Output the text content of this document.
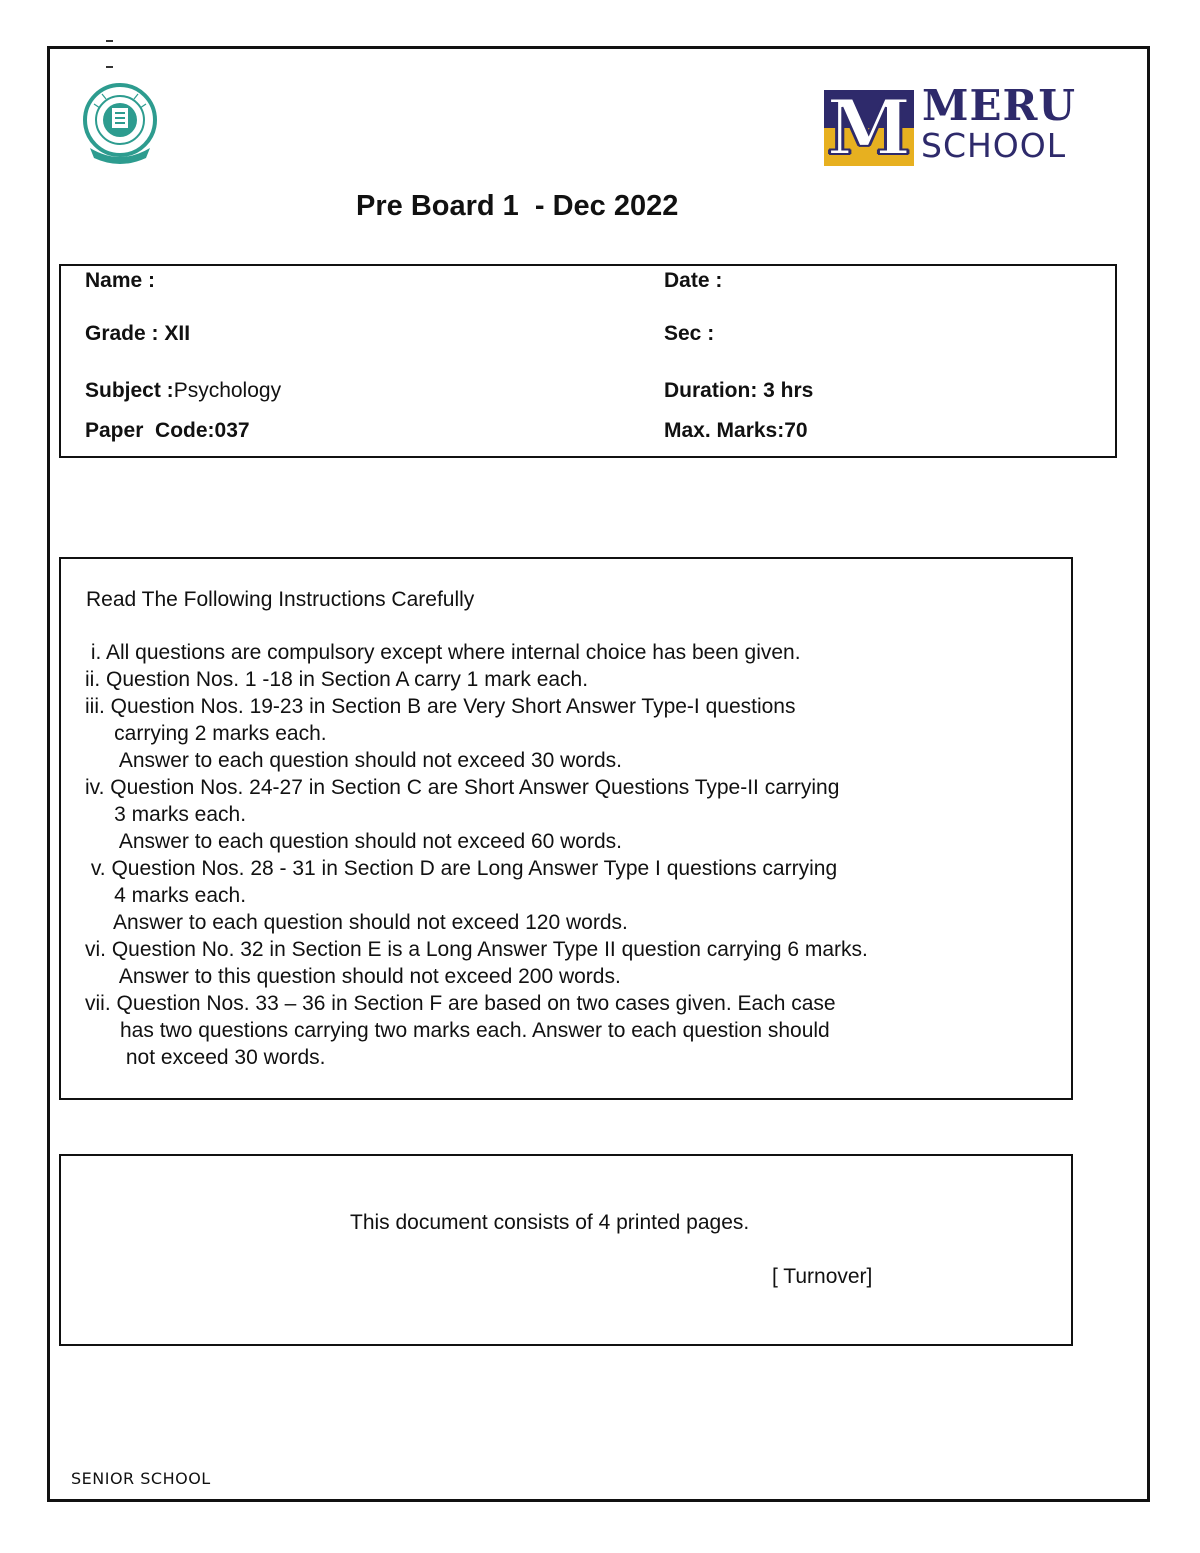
M MERU
SCHOOL
Pre Board 1  - Dec 2022
Name :	Date :
Grade : XII	Sec :
Subject :Psychology	Duration: 3 hrs
Paper  Code:037	Max. Marks:70
Read The Following Instructions Carefully
i. All questions are compulsory except where internal choice has been given.
ii. Question Nos. 1 -18 in Section A carry 1 mark each.
iii. Question Nos. 19-23 in Section B are Very Short Answer Type-I questions
carrying 2 marks each.
Answer to each question should not exceed 30 words.
iv. Question Nos. 24-27 in Section C are Short Answer Questions Type-II carrying
3 marks each.
Answer to each question should not exceed 60 words.
v. Question Nos. 28 - 31 in Section D are Long Answer Type I questions carrying
4 marks each.
Answer to each question should not exceed 120 words.
vi. Question No. 32 in Section E is a Long Answer Type II question carrying 6 marks.
Answer to this question should not exceed 200 words.
vii. Question Nos. 33 – 36 in Section F are based on two cases given. Each case
has two questions carrying two marks each. Answer to each question should
not exceed 30 words.
This document consists of 4 printed pages.
[ Turnover]
SENIOR SCHOOL
